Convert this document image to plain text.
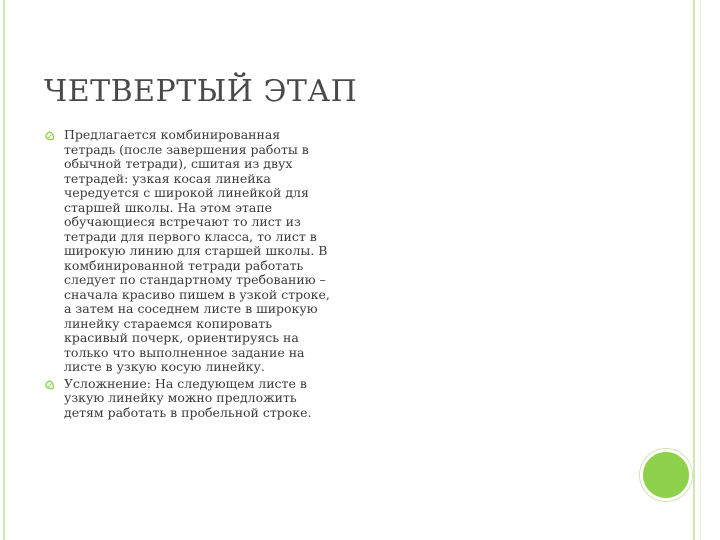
ЧЕТВЕРТЫЙ ЭТАП
Предлагается комбинированная тетрадь (после завершения работы в обычной тетради), сшитая из двух тетрадей: узкая косая линейка чередуется с широкой линейкой для старшей школы. На этом этапе обучающиеся встречают то лист из тетради для первого класса, то лист в широкую линию для старшей школы. В комбинированной тетради работать следует по стандартному требованию – сначала красиво пишем в узкой строке, а затем на соседнем листе в широкую линейку стараемся копировать красивый почерк, ориентируясь на только что выполненное задание на листе в узкую косую линейку.
Усложнение: На следующем листе в узкую линейку можно предложить детям работать в пробельной строке.
